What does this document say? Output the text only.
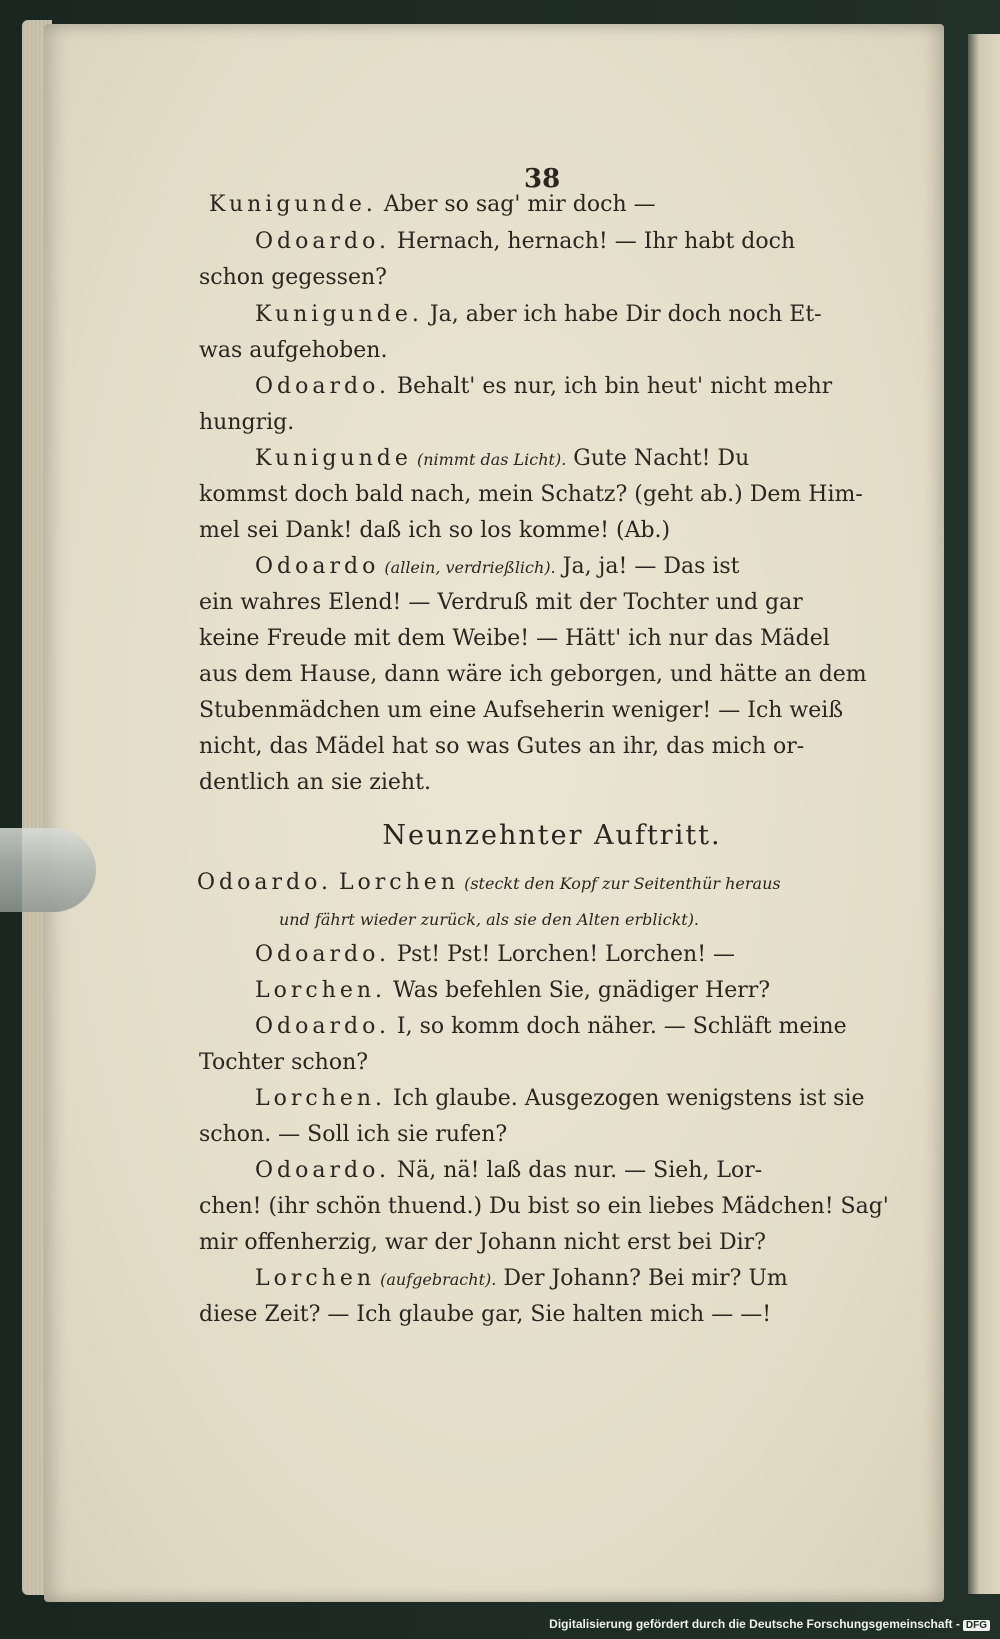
38
Kunigunde. Aber so sag' mir doch —
Odoardo. Hernach, hernach! — Ihr habt doch
schon gegessen?
Kunigunde. Ja, aber ich habe Dir doch noch Et-
was aufgehoben.
Odoardo. Behalt' es nur, ich bin heut' nicht mehr
hungrig.
Kunigunde (nimmt das Licht). Gute Nacht! Du
kommst doch bald nach, mein Schatz? (geht ab.) Dem Him-
mel sei Dank! daß ich so los komme! (Ab.)
Odoardo (allein, verdrießlich). Ja, ja! — Das ist
ein wahres Elend! — Verdruß mit der Tochter und gar
keine Freude mit dem Weibe! — Hätt' ich nur das Mädel
aus dem Hause, dann wäre ich geborgen, und hätte an dem
Stubenmädchen um eine Aufseherin weniger! — Ich weiß
nicht, das Mädel hat so was Gutes an ihr, das mich or-
dentlich an sie zieht.
Neunzehnter Auftritt.
Odoardo. Lorchen (steckt den Kopf zur Seitenthür heraus
und fährt wieder zurück, als sie den Alten erblickt).
Odoardo. Pst! Pst! Lorchen! Lorchen! —
Lorchen. Was befehlen Sie, gnädiger Herr?
Odoardo. I, so komm doch näher. — Schläft meine
Tochter schon?
Lorchen. Ich glaube. Ausgezogen wenigstens ist sie
schon. — Soll ich sie rufen?
Odoardo. Nä, nä! laß das nur. — Sieh, Lor-
chen! (ihr schön thuend.) Du bist so ein liebes Mädchen! Sag'
mir offenherzig, war der Johann nicht erst bei Dir?
Lorchen (aufgebracht). Der Johann? Bei mir? Um
diese Zeit? — Ich glaube gar, Sie halten mich — —!
Digitalisierung gefördert durch die Deutsche Forschungsgemeinschaft - DFG
